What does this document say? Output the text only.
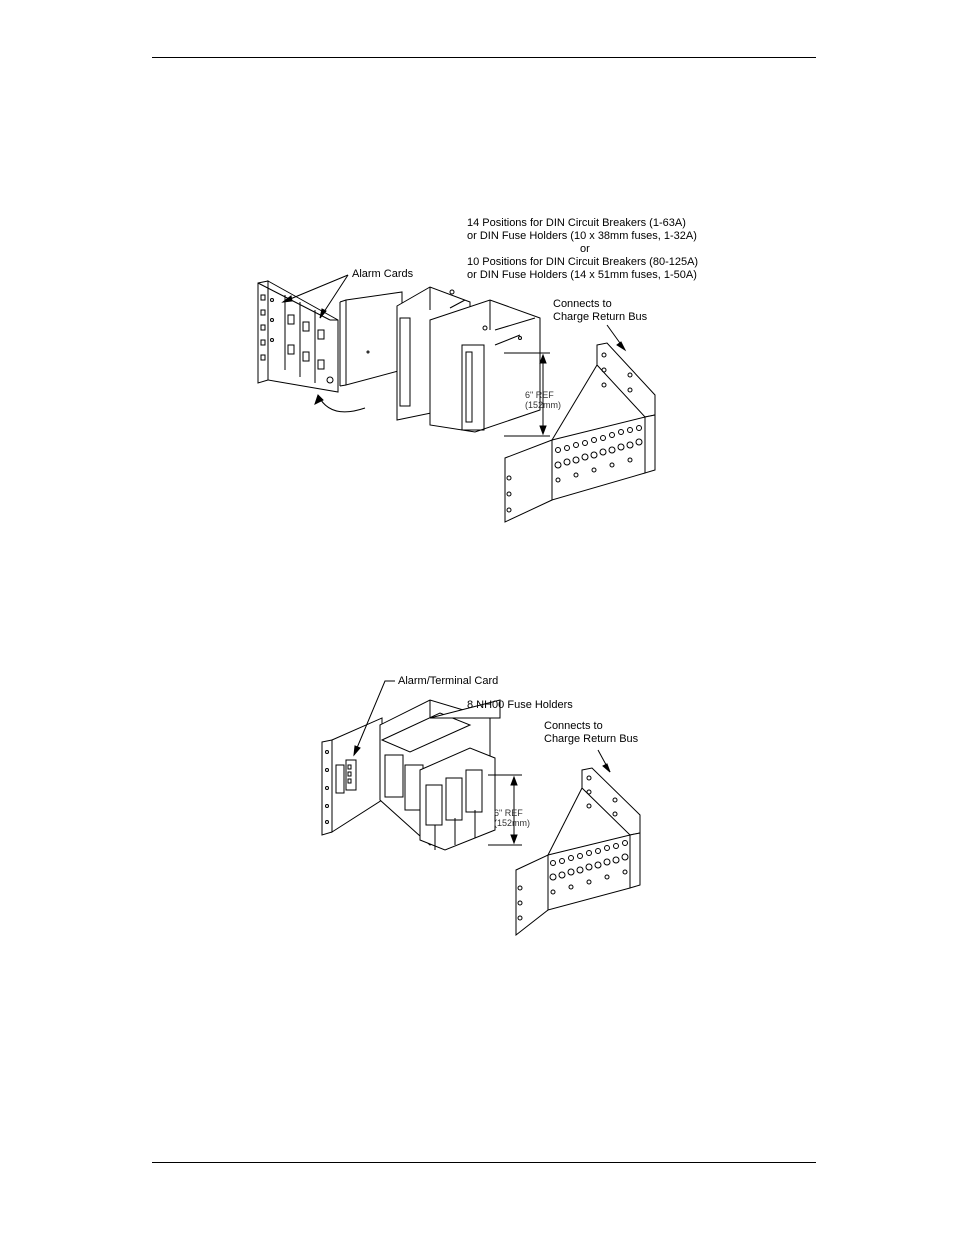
14 Positions for DIN Circuit Breakers (1-63A)
or DIN Fuse Holders (10 x 38mm fuses, 1-32A)
or
10 Positions for DIN Circuit Breakers (80-125A)
or DIN Fuse Holders (14 x 51mm fuses, 1-50A)
Alarm Cards
Connects to
Charge Return Bus
6" REF
(152mm)
Alarm/Terminal Card
8 NH00 Fuse Holders
Connects to
Charge Return Bus
6" REF
(152mm)
